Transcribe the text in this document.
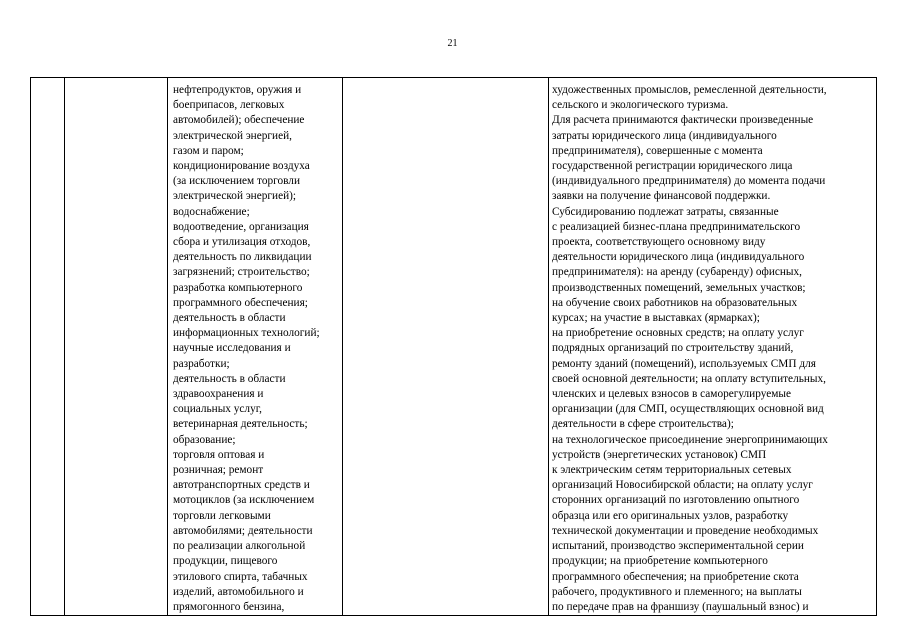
21

нефтепродуктов, оружия и
боеприпасов, легковых
автомобилей); обеспечение
электрической энергией,
газом и паром;
кондиционирование воздуха
(за исключением торговли
электрической энергией);
водоснабжение;
водоотведение, организация
сбора и утилизация отходов,
деятельность по ликвидации
загрязнений; строительство;
разработка компьютерного
программного обеспечения;
деятельность в области
информационных технологий;
научные исследования и
разработки;
деятельность в области
здравоохранения и
социальных услуг,
ветеринарная деятельность;
образование;
торговля оптовая и
розничная; ремонт
автотранспортных средств и
мотоциклов (за исключением
торговли легковыми
автомобилями; деятельности
по реализации алкогольной
продукции, пищевого
этилового спирта, табачных
изделий, автомобильного и
прямогонного бензина,

художественных промыслов, ремесленной деятельности,
сельского и экологического туризма.
Для расчета принимаются фактически произведенные
затраты юридического лица (индивидуального
предпринимателя), совершенные с момента
государственной регистрации юридического лица
(индивидуального предпринимателя) до момента подачи
заявки на получение финансовой поддержки.
Субсидированию подлежат затраты, связанные
с реализацией бизнес-плана предпринимательского
проекта, соответствующего основному виду
деятельности юридического лица (индивидуального
предпринимателя): на аренду (субаренду) офисных,
производственных помещений, земельных участков;
на обучение своих работников на образовательных
курсах; на участие в выставках (ярмарках);
на приобретение основных средств; на оплату услуг
подрядных организаций по строительству зданий,
ремонту зданий (помещений), используемых СМП для
своей основной деятельности; на оплату вступительных,
членских и целевых взносов в саморегулируемые
организации (для СМП, осуществляющих основной вид
деятельности в сфере строительства);
на технологическое присоединение энергопринимающих
устройств (энергетических установок) СМП
к электрическим сетям территориальных сетевых
организаций Новосибирской области; на оплату услуг
сторонних организаций по изготовлению опытного
образца или его оригинальных узлов, разработку
технической документации и проведение необходимых
испытаний, производство экспериментальной серии
продукции; на приобретение компьютерного
программного обеспечения; на приобретение скота
рабочего, продуктивного и племенного; на выплаты
по передаче прав на франшизу (паушальный взнос) и
